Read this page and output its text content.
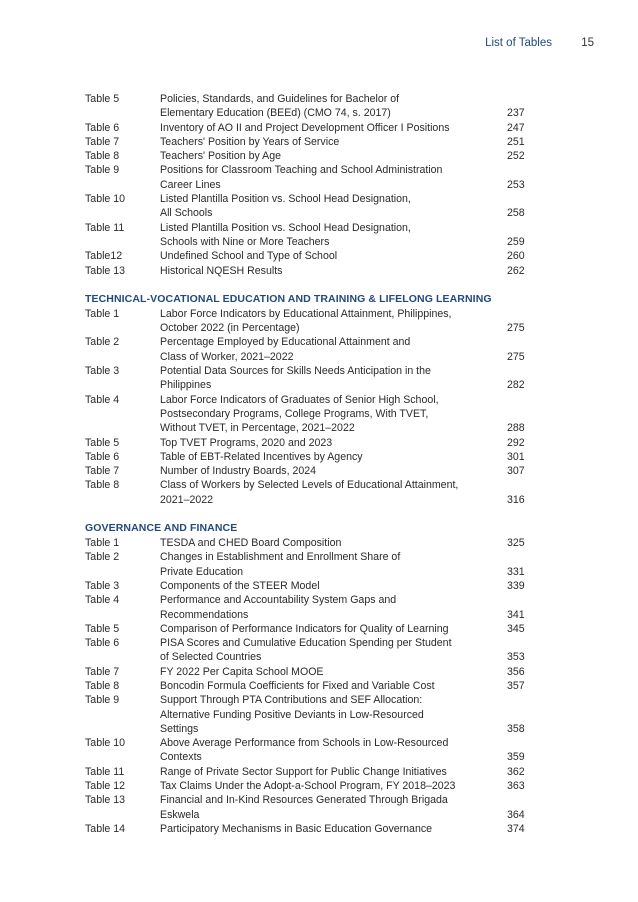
List of Tables	15
Table 5	Policies, Standards, and Guidelines for Bachelor of
Elementary Education (BEEd) (CMO 74, s. 2017)	237
Table 6	Inventory of AO II and Project Development Officer I Positions	247
Table 7	Teachers' Position by Years of Service	251
Table 8	Teachers' Position by Age	252
Table 9	Positions for Classroom Teaching and School Administration
Career Lines	253
Table 10	Listed Plantilla Position vs. School Head Designation,
All Schools	258
Table 11	Listed Plantilla Position vs. School Head Designation,
Schools with Nine or More Teachers	259
Table12	Undefined School and Type of School	260
Table 13	Historical NQESH Results	262
TECHNICAL-VOCATIONAL EDUCATION AND TRAINING & LIFELONG LEARNING
Table 1	Labor Force Indicators by Educational Attainment, Philippines,
October 2022 (in Percentage)	275
Table 2	Percentage Employed by Educational Attainment and
Class of Worker, 2021–2022	275
Table 3	Potential Data Sources for Skills Needs Anticipation in the
Philippines	282
Table 4	Labor Force Indicators of Graduates of Senior High School,
Postsecondary Programs, College Programs, With TVET,
Without TVET, in Percentage, 2021–2022	288
Table 5	Top TVET Programs, 2020 and 2023	292
Table 6	Table of EBT-Related Incentives by Agency	301
Table 7	Number of Industry Boards, 2024	307
Table 8	Class of Workers by Selected Levels of Educational Attainment,
2021–2022	316
GOVERNANCE AND FINANCE
Table 1	TESDA and CHED Board Composition	325
Table 2	Changes in Establishment and Enrollment Share of
Private Education	331
Table 3	Components of the STEER Model	339
Table 4	Performance and Accountability System Gaps and
Recommendations	341
Table 5	Comparison of Performance Indicators for Quality of Learning	345
Table 6	PISA Scores and Cumulative Education Spending per Student
of Selected Countries	353
Table 7	FY 2022 Per Capita School MOOE	356
Table 8	Boncodin Formula Coefficients for Fixed and Variable Cost	357
Table 9	Support Through PTA Contributions and SEF Allocation:
Alternative Funding Positive Deviants in Low-Resourced
Settings	358
Table 10	Above Average Performance from Schools in Low-Resourced
Contexts	359
Table 11	Range of Private Sector Support for Public Change Initiatives	362
Table 12	Tax Claims Under the Adopt-a-School Program, FY 2018–2023	363
Table 13	Financial and In-Kind Resources Generated Through Brigada
Eskwela	364
Table 14	Participatory Mechanisms in Basic Education Governance	374
